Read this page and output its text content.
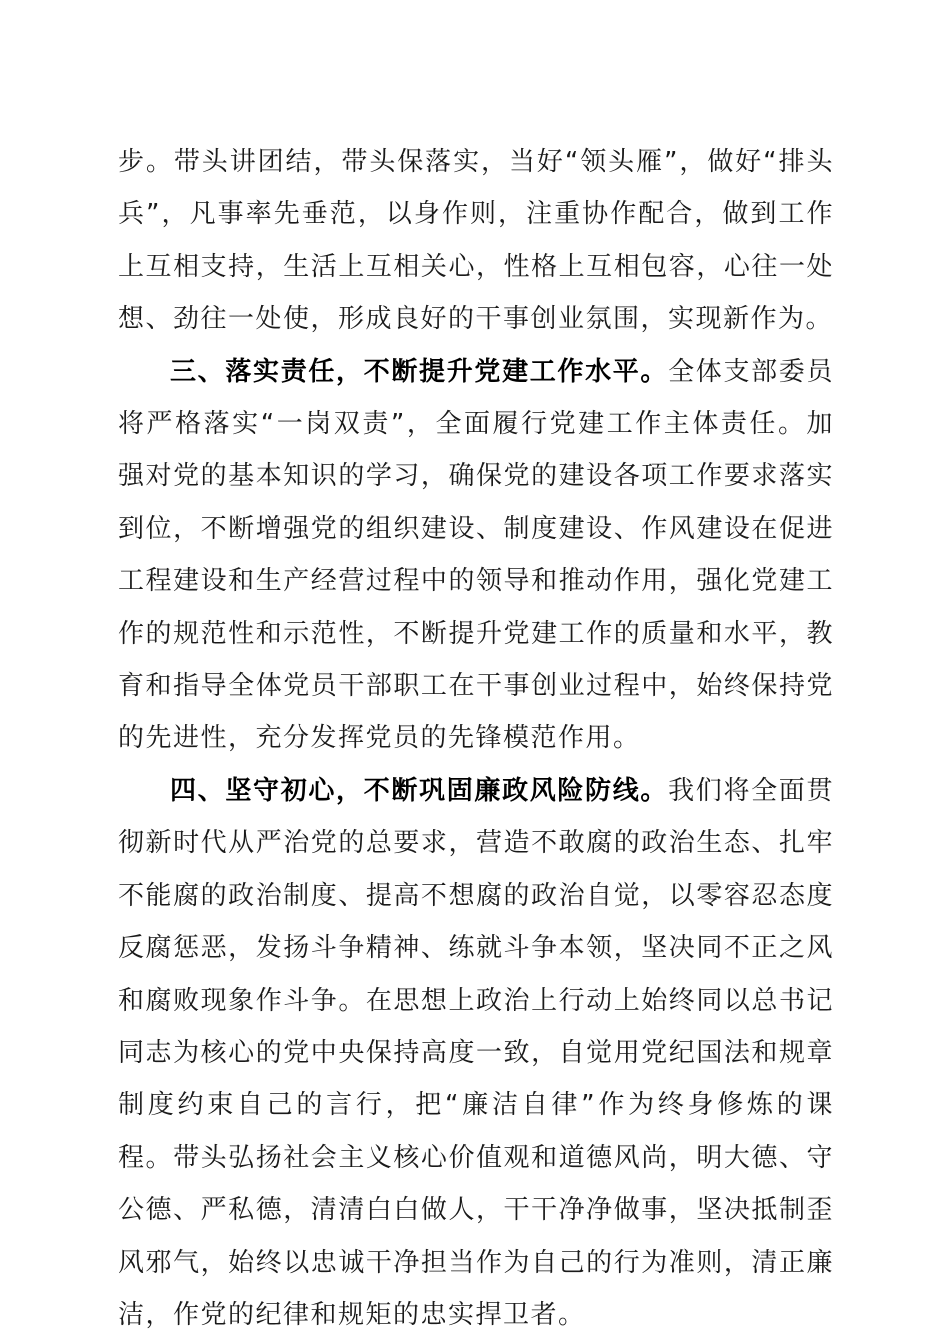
步。带头讲团结，带头保落实，当好“领头雁”，做好“排头兵”，凡事率先垂范，以身作则，注重协作配合，做到工作上互相支持，生活上互相关心，性格上互相包容，心往一处想、劲往一处使，形成良好的干事创业氛围，实现新作为。

三、落实责任，不断提升党建工作水平。全体支部委员将严格落实“一岗双责”，全面履行党建工作主体责任。加强对党的基本知识的学习，确保党的建设各项工作要求落实到位，不断增强党的组织建设、制度建设、作风建设在促进工程建设和生产经营过程中的领导和推动作用，强化党建工作的规范性和示范性，不断提升党建工作的质量和水平，教育和指导全体党员干部职工在干事创业过程中，始终保持党的先进性，充分发挥党员的先锋模范作用。

四、坚守初心，不断巩固廉政风险防线。我们将全面贯彻新时代从严治党的总要求，营造不敢腐的政治生态、扎牢不能腐的政治制度、提高不想腐的政治自觉，以零容忍态度反腐惩恶，发扬斗争精神、练就斗争本领，坚决同不正之风和腐败现象作斗争。在思想上政治上行动上始终同以总书记同志为核心的党中央保持高度一致，自觉用党纪国法和规章制度约束自己的言行，把“廉洁自律”作为终身修炼的课程。带头弘扬社会主义核心价值观和道德风尚，明大德、守公德、严私德，清清白白做人，干干净净做事，坚决抵制歪风邪气，始终以忠诚干净担当作为自己的行为准则，清正廉洁，作党的纪律和规矩的忠实捍卫者。
